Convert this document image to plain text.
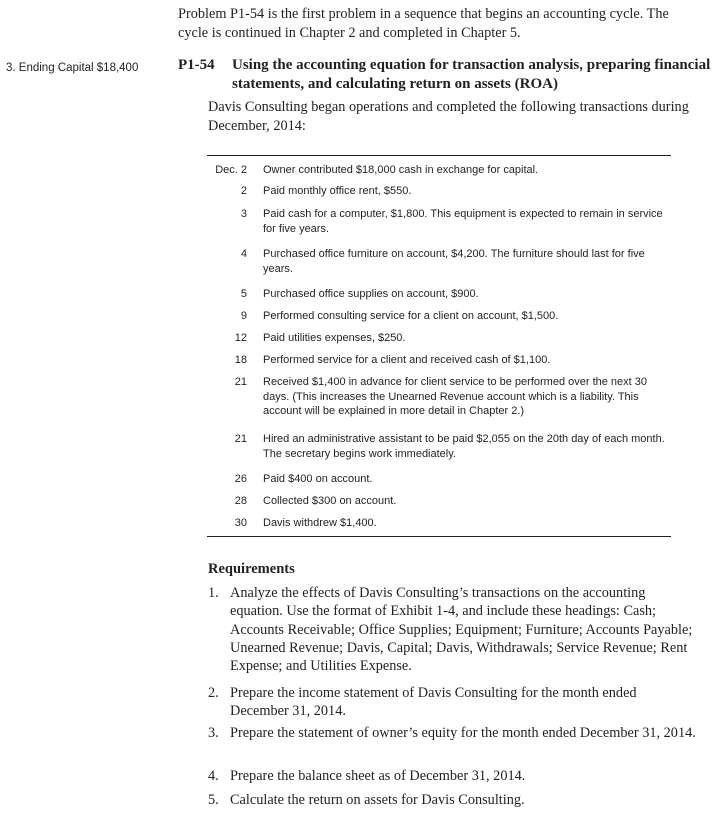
Problem P1-54 is the first problem in a sequence that begins an accounting cycle. The cycle is continued in Chapter 2 and completed in Chapter 5.
3. Ending Capital $18,400	P1-54 Using the accounting equation for transaction analysis, preparing financial statements, and calculating return on assets (ROA)
Davis Consulting began operations and completed the following transactions during December, 2014:
Dec. 2 Owner contributed $18,000 cash in exchange for capital.
2 Paid monthly office rent, $550.
3 Paid cash for a computer, $1,800. This equipment is expected to remain in service for five years.
4 Purchased office furniture on account, $4,200. The furniture should last for five years.
5 Purchased office supplies on account, $900.
9 Performed consulting service for a client on account, $1,500.
12 Paid utilities expenses, $250.
18 Performed service for a client and received cash of $1,100.
21 Received $1,400 in advance for client service to be performed over the next 30 days. (This increases the Unearned Revenue account which is a liability. This account will be explained in more detail in Chapter 2.)
21 Hired an administrative assistant to be paid $2,055 on the 20th day of each month. The secretary begins work immediately.
26 Paid $400 on account.
28 Collected $300 on account.
30 Davis withdrew $1,400.
Requirements
1. Analyze the effects of Davis Consulting’s transactions on the accounting equation. Use the format of Exhibit 1-4, and include these headings: Cash; Accounts Receivable; Office Supplies; Equipment; Furniture; Accounts Payable; Unearned Revenue; Davis, Capital; Davis, Withdrawals; Service Revenue; Rent Expense; and Utilities Expense.
2. Prepare the income statement of Davis Consulting for the month ended December 31, 2014.
3. Prepare the statement of owner’s equity for the month ended December 31, 2014.
4. Prepare the balance sheet as of December 31, 2014.
5. Calculate the return on assets for Davis Consulting.
